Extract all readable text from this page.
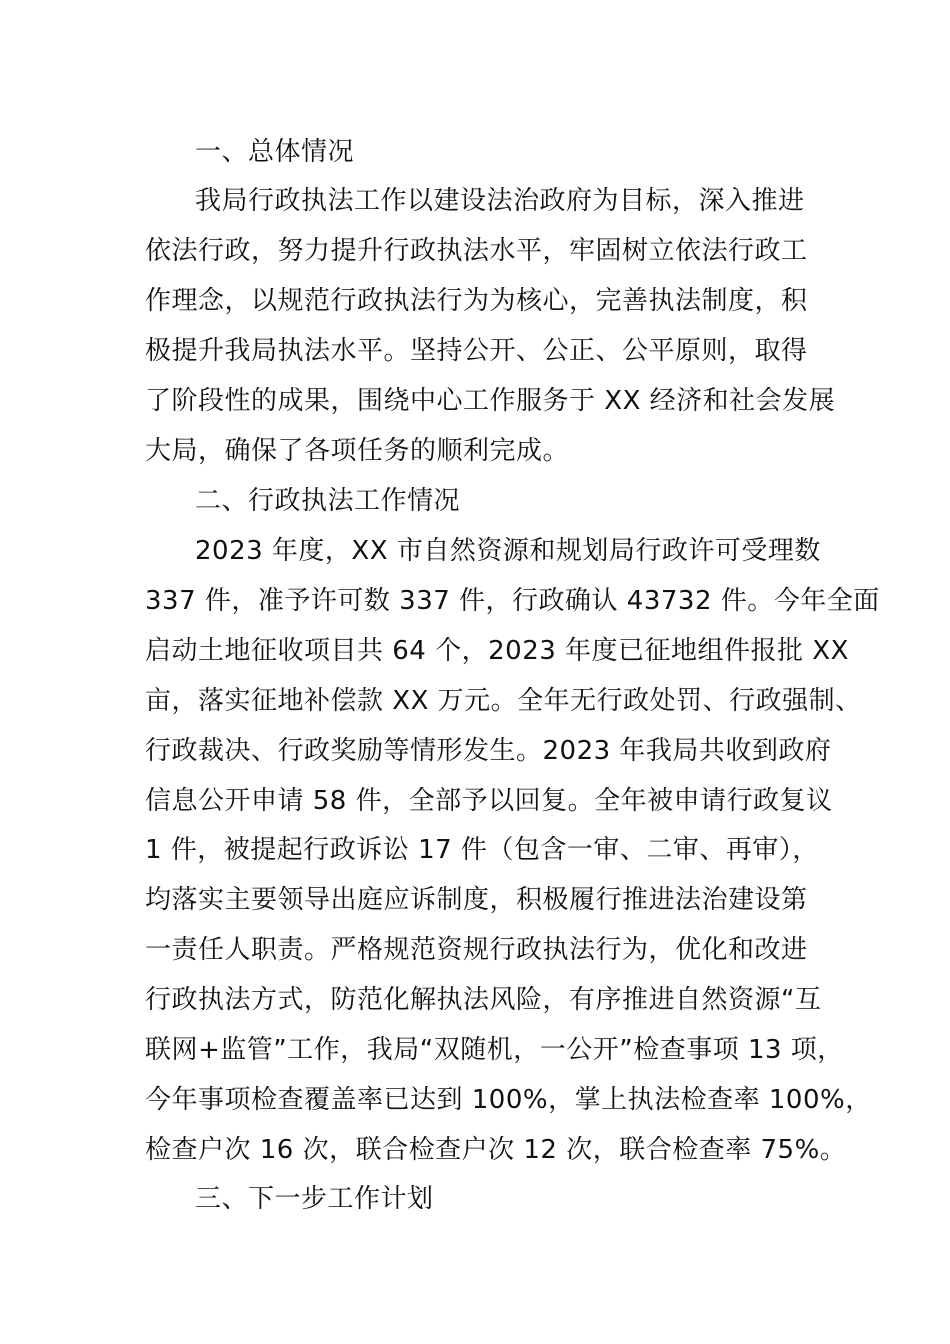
一、总体情况
我局行政执法工作以建设法治政府为目标，深入推进
依法行政，努力提升行政执法水平，牢固树立依法行政工
作理念，以规范行政执法行为为核心，完善执法制度，积
极提升我局执法水平。坚持公开、公正、公平原则，取得
了阶段性的成果，围绕中心工作服务于 XX 经济和社会发展
大局，确保了各项任务的顺利完成。
二、行政执法工作情况
2023 年度，XX 市自然资源和规划局行政许可受理数
337 件，准予许可数 337 件，行政确认 43732 件。今年全面
启动土地征收项目共 64 个，2023 年度已征地组件报批 XX
亩，落实征地补偿款 XX 万元。全年无行政处罚、行政强制、
行政裁决、行政奖励等情形发生。2023 年我局共收到政府
信息公开申请 58 件，全部予以回复。全年被申请行政复议
1 件，被提起行政诉讼 17 件（包含一审、二审、再审），
均落实主要领导出庭应诉制度，积极履行推进法治建设第
一责任人职责。严格规范资规行政执法行为，优化和改进
行政执法方式，防范化解执法风险，有序推进自然资源“互
联网+监管”工作，我局“双随机，一公开”检查事项 13 项，
今年事项检查覆盖率已达到 100%，掌上执法检查率 100%，
检查户次 16 次，联合检查户次 12 次，联合检查率 75%。
三、下一步工作计划
